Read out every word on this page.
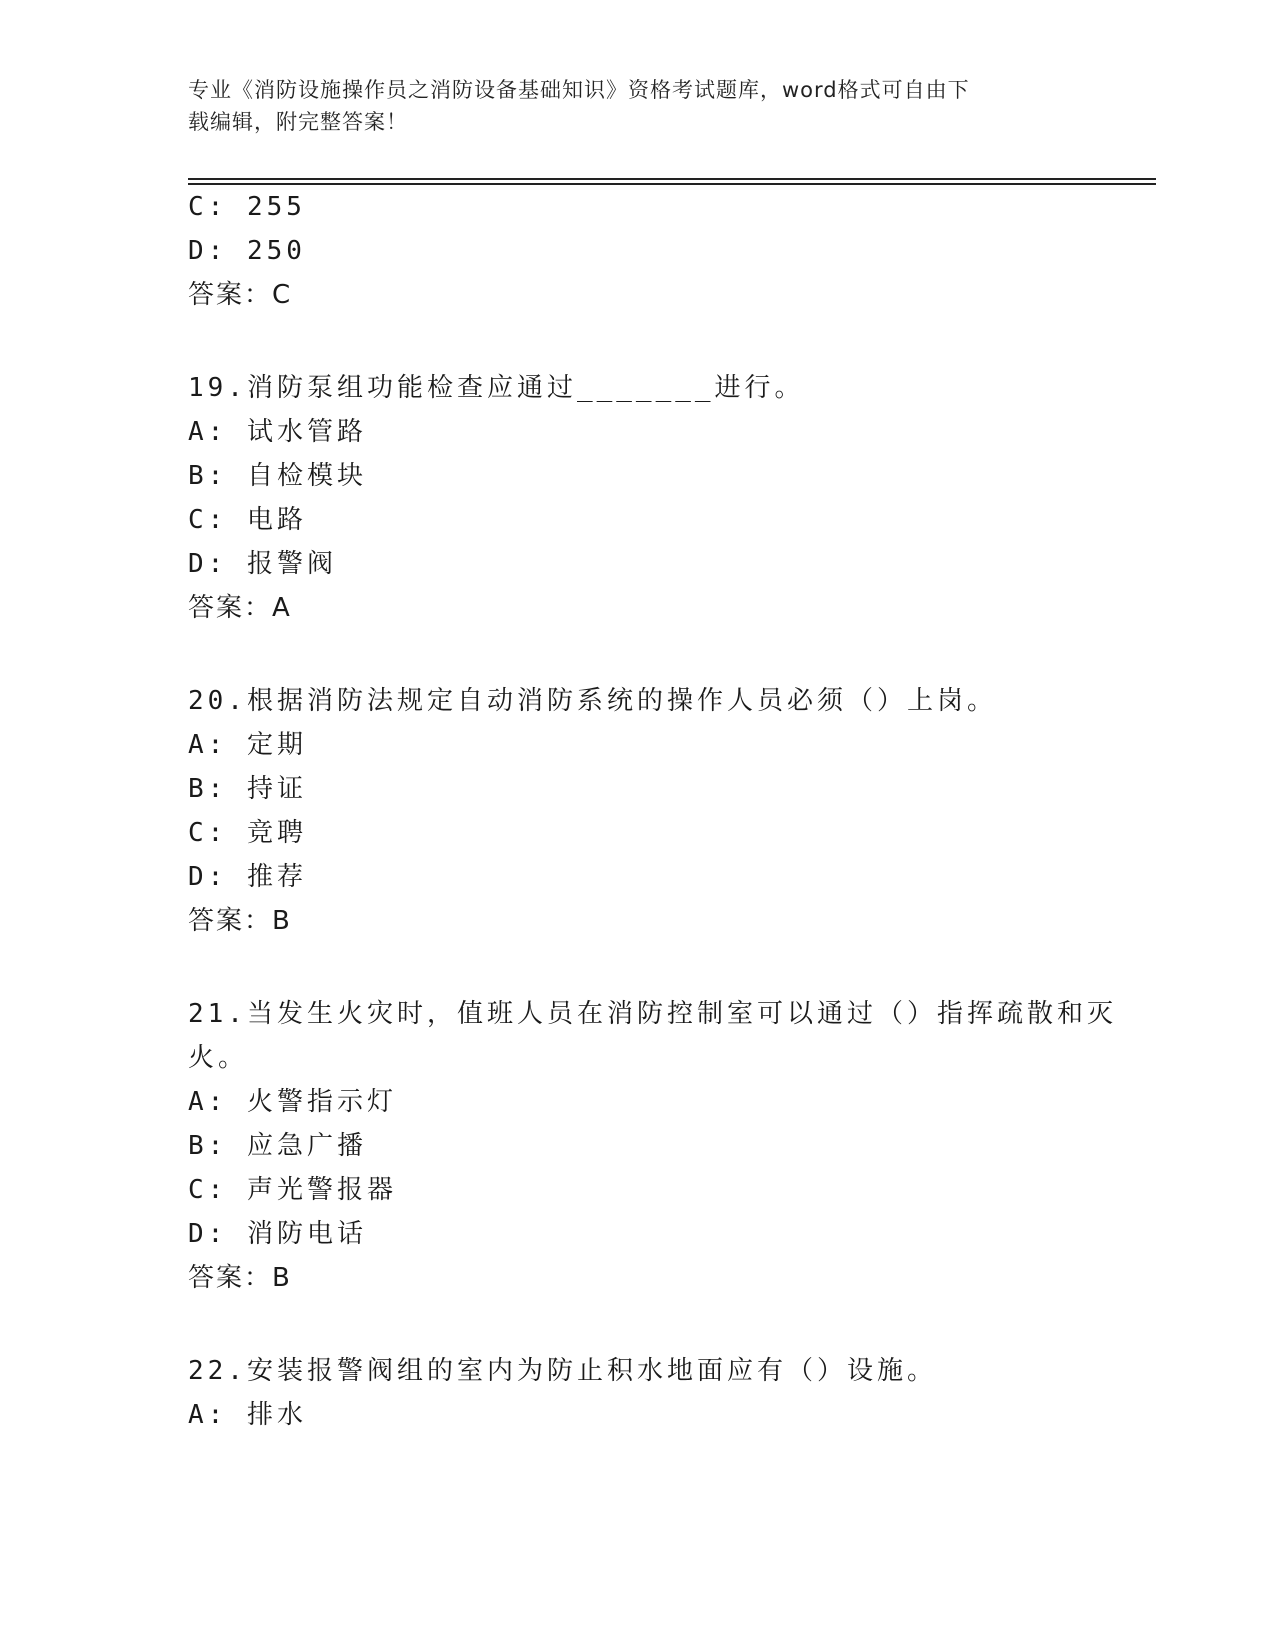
专业《消防设施操作员之消防设备基础知识》资格考试题库，word格式可自由下
载编辑，附完整答案！
C: 255
D: 250
答案：C
19.消防泵组功能检查应通过_______进行。
A: 试水管路
B: 自检模块
C: 电路
D: 报警阀
答案：A
20.根据消防法规定自动消防系统的操作人员必须（）上岗。
A: 定期
B: 持证
C: 竞聘
D: 推荐
答案：B
21.当发生火灾时，值班人员在消防控制室可以通过（）指挥疏散和灭
火。
A: 火警指示灯
B: 应急广播
C: 声光警报器
D: 消防电话
答案：B
22.安装报警阀组的室内为防止积水地面应有（）设施。
A: 排水
